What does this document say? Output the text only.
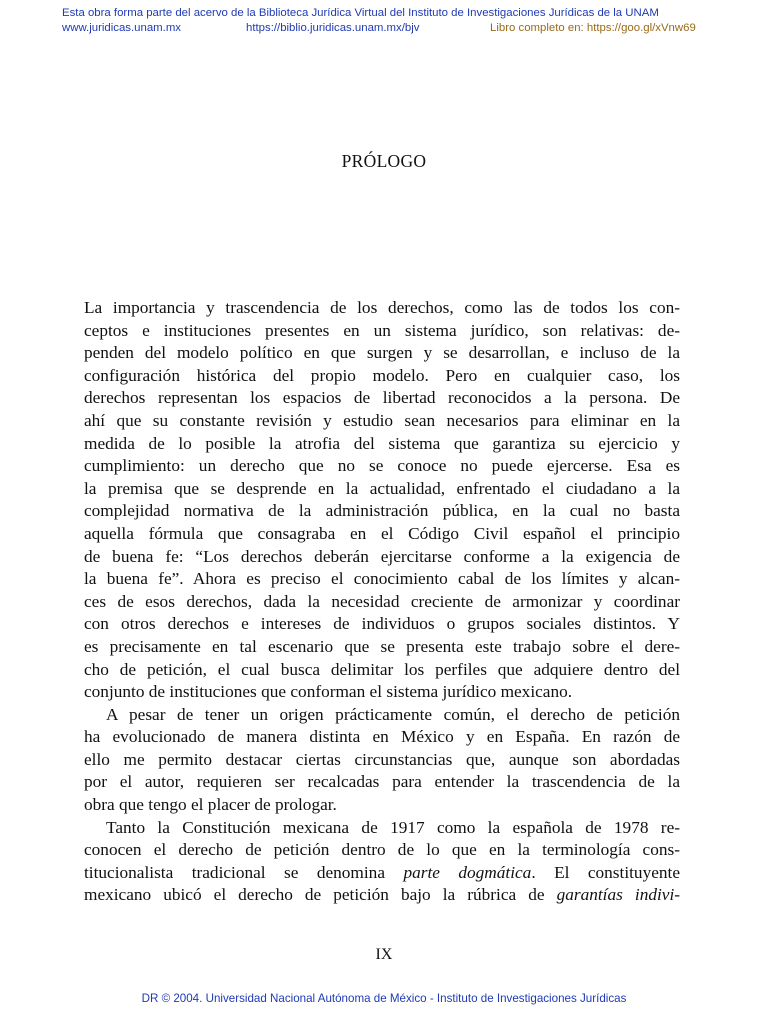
Esta obra forma parte del acervo de la Biblioteca Jurídica Virtual del Instituto de Investigaciones Jurídicas de la UNAM
www.juridicas.unam.mx	https://biblio.juridicas.unam.mx/bjv	Libro completo en: https://goo.gl/xVnw69
PRÓLOGO
La importancia y trascendencia de los derechos, como las de todos los con-
ceptos e instituciones presentes en un sistema jurídico, son relativas: de-
penden del modelo político en que surgen y se desarrollan, e incluso de la
configuración histórica del propio modelo. Pero en cualquier caso, los
derechos representan los espacios de libertad reconocidos a la persona. De
ahí que su constante revisión y estudio sean necesarios para eliminar en la
medida de lo posible la atrofia del sistema que garantiza su ejercicio y
cumplimiento: un derecho que no se conoce no puede ejercerse. Esa es
la premisa que se desprende en la actualidad, enfrentado el ciudadano a la
complejidad normativa de la administración pública, en la cual no basta
aquella fórmula que consagraba en el Código Civil español el principio
de buena fe: “Los derechos deberán ejercitarse conforme a la exigencia de
la buena fe”. Ahora es preciso el conocimiento cabal de los límites y alcan-
ces de esos derechos, dada la necesidad creciente de armonizar y coordinar
con otros derechos e intereses de individuos o grupos sociales distintos. Y
es precisamente en tal escenario que se presenta este trabajo sobre el dere-
cho de petición, el cual busca delimitar los perfiles que adquiere dentro del
conjunto de instituciones que conforman el sistema jurídico mexicano.
A pesar de tener un origen prácticamente común, el derecho de petición
ha evolucionado de manera distinta en México y en España. En razón de
ello me permito destacar ciertas circunstancias que, aunque son abordadas
por el autor, requieren ser recalcadas para entender la trascendencia de la
obra que tengo el placer de prologar.
Tanto la Constitución mexicana de 1917 como la española de 1978 re-
conocen el derecho de petición dentro de lo que en la terminología cons-
titucionalista tradicional se denomina parte dogmática. El constituyente
mexicano ubicó el derecho de petición bajo la rúbrica de garantías indivi-
IX
DR © 2004. Universidad Nacional Autónoma de México - Instituto de Investigaciones Jurídicas
